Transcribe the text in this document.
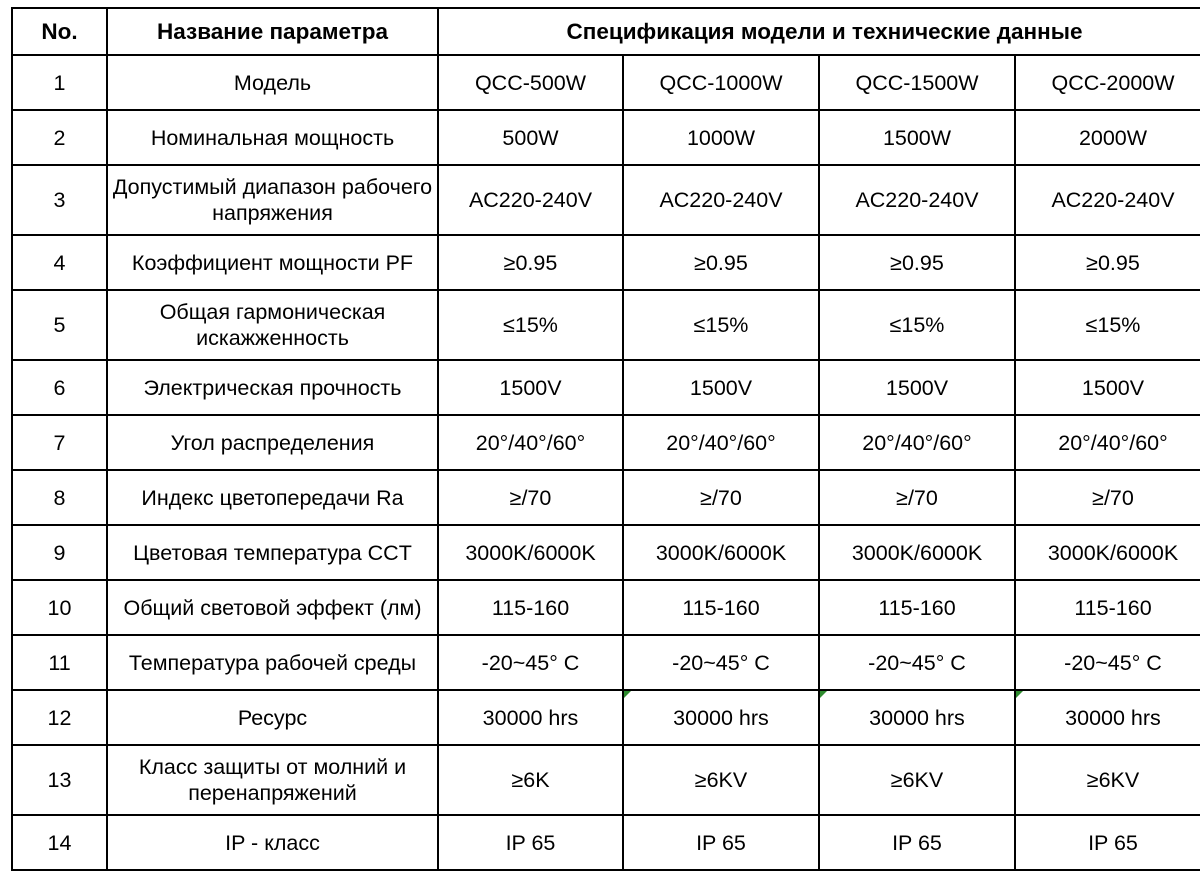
No.	Название параметра	Спецификация модели и технические данные			
1	Модель	QCC-500W	QCC-1000W	QCC-1500W	QCC-2000W
2	Номинальная мощность	500W	1000W	1500W	2000W
3	Допустимый диапазон рабочего напряжения	AC220-240V	AC220-240V	AC220-240V	AC220-240V
4	Коэффициент мощности PF	≥0.95	≥0.95	≥0.95	≥0.95
5	Общая гармоническая искажженность	≤15%	≤15%	≤15%	≤15%
6	Электрическая прочность	1500V	1500V	1500V	1500V
7	Угол распределения	20°/40°/60°	20°/40°/60°	20°/40°/60°	20°/40°/60°
8	Индекс цветопередачи Ra	≥/70	≥/70	≥/70	≥/70
9	Цветовая температура CCT	3000K/6000K	3000K/6000K	3000K/6000K	3000K/6000K
10	Общий световой эффект (лм)	115-160	115-160	115-160	115-160
11	Температура рабочей среды	-20~45° C	-20~45° C	-20~45° C	-20~45° C
12	Ресурс	30000 hrs	30000 hrs	30000 hrs	30000 hrs
13	Класс защиты от молний и перенапряжений	≥6K	≥6KV	≥6KV	≥6KV
14	IP - класс	IP 65	IP 65	IP 65	IP 65
